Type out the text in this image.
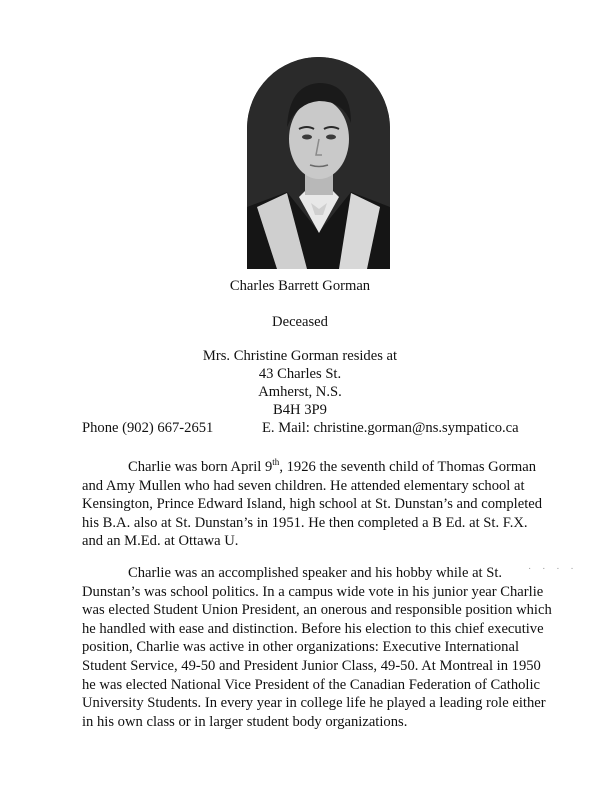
Charles Barrett Gorman
Deceased
Mrs. Christine Gorman resides at
43 Charles St.
Amherst, N.S.
B4H 3P9
Phone (902) 667-2651	E. Mail: christine.gorman@ns.sympatico.ca
Charlie was born April 9th, 1926 the seventh child of Thomas Gorman and Amy Mullen who had seven children. He attended elementary school at Kensington, Prince Edward Island, high school at St. Dunstan’s and completed his B.A. also at St. Dunstan’s in 1951. He then completed a B Ed. at St. F.X. and an M.Ed. at Ottawa U.
· · · ·
Charlie was an accomplished speaker and his hobby while at St. Dunstan’s was school politics. In a campus wide vote in his junior year Charlie was elected Student Union President, an onerous and responsible position which he handled with ease and distinction. Before his election to this chief executive position, Charlie was active in other organizations: Executive International Student Service, 49-50 and President Junior Class, 49-50. At Montreal in 1950 he was elected National Vice President of the Canadian Federation of Catholic University Students. In every year in college life he played a leading role either in his own class or in larger student body organizations.
